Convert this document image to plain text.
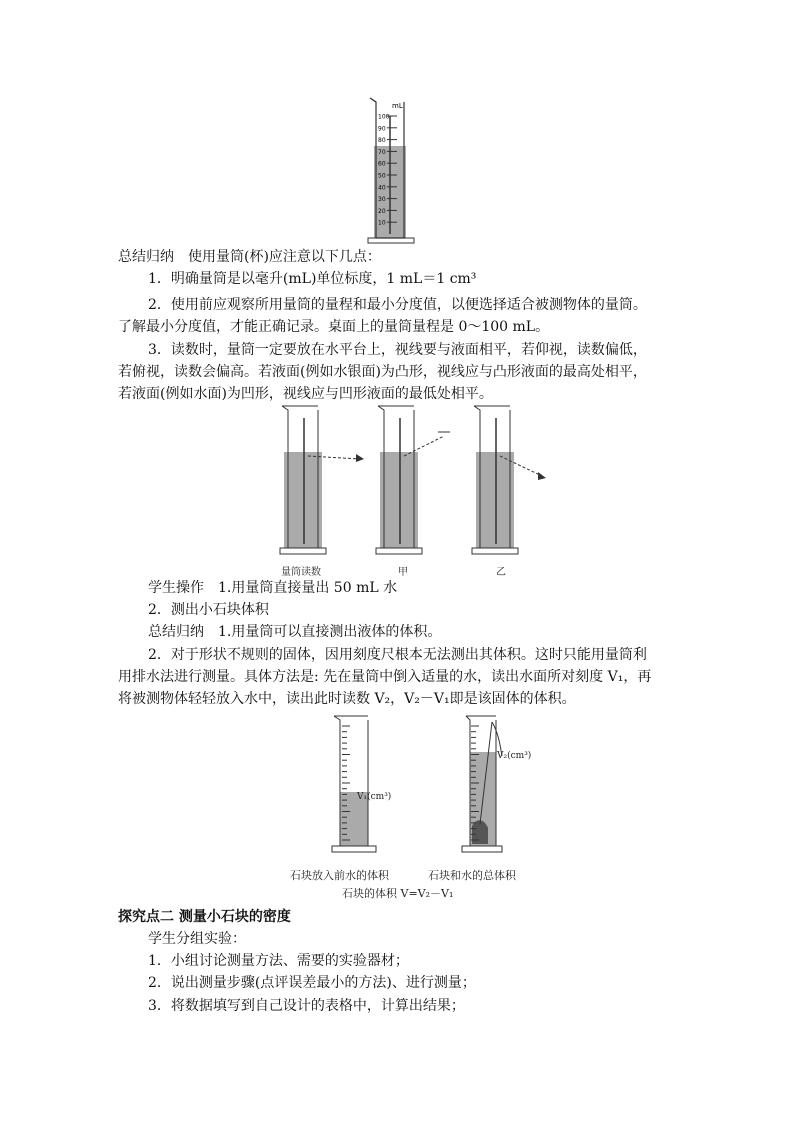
100
90
80
70
60
50
40
30
20
10
mL
总结归纳　使用量筒(杯)应注意以下几点：
1．明确量筒是以毫升(mL)单位标度，1 mL＝1 cm³
2．使用前应观察所用量筒的量程和最小分度值，以便选择适合被测物体的量筒。
了解最小分度值，才能正确记录。桌面上的量筒量程是 0～100 mL。
3．读数时，量筒一定要放在水平台上，视线要与液面相平，若仰视，读数偏低，
若俯视，读数会偏高。若液面(例如水银面)为凸形，视线应与凸形液面的最高处相平，
若液面(例如水面)为凹形，视线应与凹形液面的最低处相平。
量筒读数	甲	乙
学生操作　1.用量筒直接量出 50 mL 水
2．测出小石块体积
总结归纳　1.用量筒可以直接测出液体的体积。
2．对于形状不规则的固体，因用刻度尺根本无法测出其体积。这时只能用量筒利
用排水法进行测量。具体方法是: 先在量筒中倒入适量的水，读出水面所对刻度 V₁，再
将被测物体轻轻放入水中，读出此时读数 V₂，V₂－V₁即是该固体的体积。
V₁(cm³)
V₂(cm³)
石块放入前水的体积	石块和水的总体积
石块的体积 V=V₂－V₁
探究点二 测量小石块的密度
学生分组实验：
1．小组讨论测量方法、需要的实验器材；
2．说出测量步骤(点评误差最小的方法)、进行测量；
3．将数据填写到自己设计的表格中，计算出结果；
